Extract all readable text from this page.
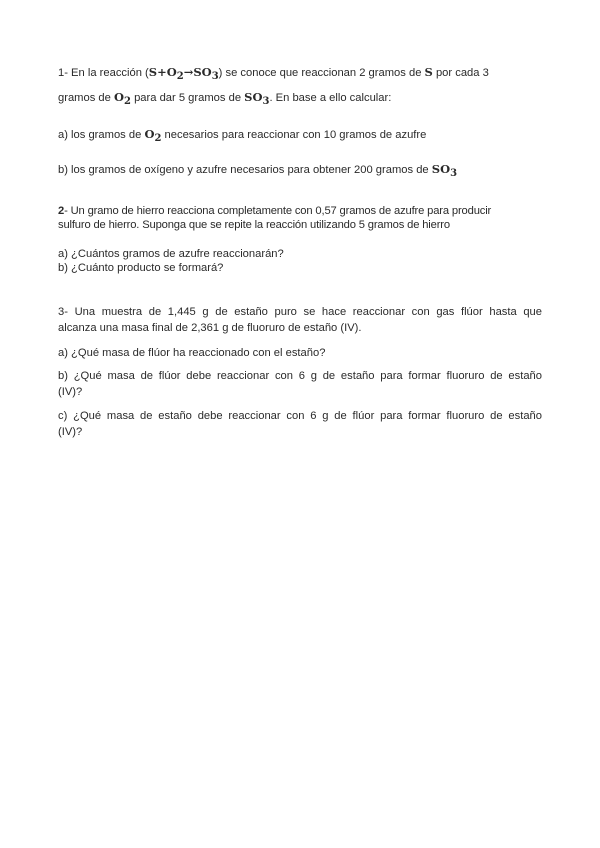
1- En la reacción (S+O2→SO3) se conoce que reaccionan 2 gramos de S por cada 3
gramos de O2 para dar 5 gramos de SO3. En base a ello calcular:
a) los gramos de O2 necesarios para reaccionar con 10 gramos de azufre
b) los gramos de oxígeno y azufre necesarios para obtener 200 gramos de SO3
2- Un gramo de hierro reacciona completamente con 0,57 gramos de azufre para producir
sulfuro de hierro. Suponga que se repite la reacción utilizando 5 gramos de hierro
a) ¿Cuántos gramos de azufre reaccionarán?
b) ¿Cuánto producto se formará?
3- Una muestra de 1,445 g de estaño puro se hace reaccionar con gas flúor hasta que
alcanza una masa final de 2,361 g de fluoruro de estaño (IV).
a) ¿Qué masa de flúor ha reaccionado con el estaño?
b) ¿Qué masa de flúor debe reaccionar con 6 g de estaño para formar fluoruro de estaño
(IV)?
c) ¿Qué masa de estaño debe reaccionar con 6 g de flúor para formar fluoruro de estaño
(IV)?
